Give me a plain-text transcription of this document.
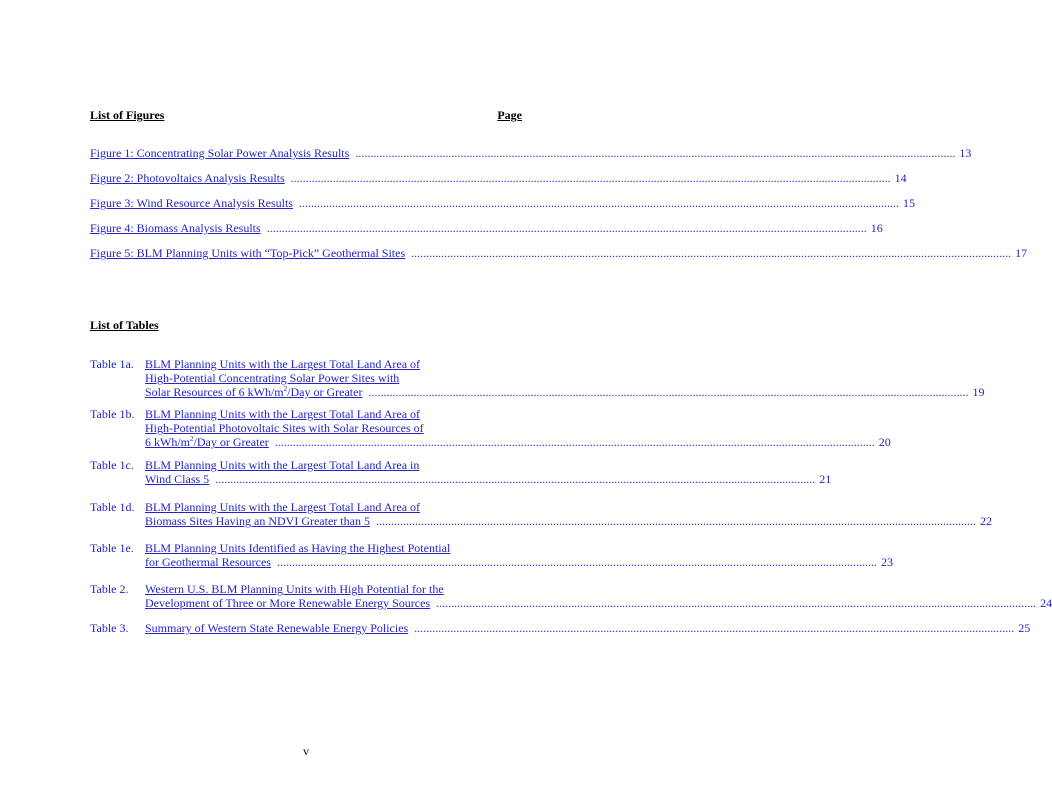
List of Figures	Page
Figure 1: Concentrating Solar Power Analysis Results ........................................................................................................................................................................................................ 13
Figure 2: Photovoltaics Analysis Results ........................................................................................................................................................................................................ 14
Figure 3: Wind Resource Analysis Results ........................................................................................................................................................................................................ 15
Figure 4: Biomass Analysis Results ........................................................................................................................................................................................................ 16
Figure 5: BLM Planning Units with “Top-Pick” Geothermal Sites ........................................................................................................................................................................................................ 17
List of Tables
Table 1a. BLM Planning Units with the Largest Total Land Area of
High-Potential Concentrating Solar Power Sites with
Solar Resources of 6 kWh/$m^2$/Day or Greater ........................................................................................................................................................................................................ 19
Table 1b. BLM Planning Units with the Largest Total Land Area of
High-Potential Photovoltaic Sites with Solar Resources of
6 kWh/$m^2$/Day or Greater ........................................................................................................................................................................................................ 20
Table 1c. BLM Planning Units with the Largest Total Land Area in
Wind Class 5 ........................................................................................................................................................................................................ 21
Table 1d. BLM Planning Units with the Largest Total Land Area of
Biomass Sites Having an NDVI Greater than 5 ........................................................................................................................................................................................................ 22
Table 1e. BLM Planning Units Identified as Having the Highest Potential
for Geothermal Resources ........................................................................................................................................................................................................ 23
Table 2.	Western U.S. BLM Planning Units with High Potential for the
Development of Three or More Renewable Energy Sources ........................................................................................................................................................................................................ 24
Table 3.	Summary of Western State Renewable Energy Policies ........................................................................................................................................................................................................ 25
v
